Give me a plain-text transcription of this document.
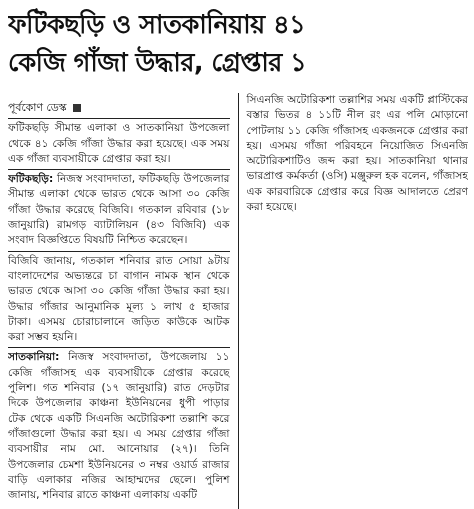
ফটিকছড়ি ও সাতকানিয়ায় ৪১
কেজি গাঁজা উদ্ধার, গ্রেপ্তার ১
পূর্বকোণ ডেস্ক

ফটিকছড়ি সীমান্ত এলাকা ও সাতকানিয়া উপজেলা থেকে ৪১ কেজি গাঁজা উদ্ধার করা হয়েছে। এক সময় এক গাঁজা ব্যবসায়ীকে গ্রেপ্তার করা হয়।

ফটিকছড়ি: নিজস্ব সংবাদদাতা, ফটিকছড়ি উপজেলার সীমান্ত এলাকা থেকে ভারত থেকে আসা ৩০ কেজি গাঁজা উদ্ধার করেছে বিজিবি। গতকাল রবিবার (১৮ জানুয়ারি) রামগড় ব্যাটালিয়ন (৪৩ বিজিবি) এক সংবাদ বিজ্ঞপ্তিতে বিষয়টি নিশ্চিত করেছেন।

বিজিবি জানায়, গতকাল শনিবার রাত সোয়া ৯টায় বাংলাদেশের অভ্যন্তরে চা বাগান নামক স্থান থেকে ভারত থেকে আসা ৩০ কেজি গাঁজা উদ্ধার করা হয়। উদ্ধার গাঁজার আনুমানিক মূল্য ১ লাখ ৫ হাজার টাকা। এসময় চোরাচালানে জড়িত কাউকে আটক করা সম্ভব হয়নি।

সাতকানিয়া: নিজস্ব সংবাদদাতা, উপজেলায় ১১ কেজি গাঁজাসহ এক ব্যবসায়ীকে গ্রেপ্তার করেছে পুলিশ। গত শনিবার (১৭ জানুয়ারি) রাত দেড়টার দিকে উপজেলার কাঞ্চনা ইউনিয়নের ধুপী পাড়ার টেক থেকে একটি সিএনজি অটোরিকশা তল্লাশি করে গাঁজাগুলো উদ্ধার করা হয়। এ সময় গ্রেপ্তার গাঁজা ব্যবসায়ীর নাম মো. আনোয়ার (২৭)। তিনি উপজেলার চেমশা ইউনিয়নের ৩ নম্বর ওয়ার্ড রাজার বাড়ি এলাকার নজির আহাম্মদের ছেলে। পুলিশ জানায়, শনিবার রাতে কাঞ্চনা এলাকায় একটি

সিএনজি অটোরিকশা তল্লাশির সময় একটি প্লাস্টিকের বস্তার ভিতর ৪ ১১টি নীল রং এর পলি মোড়ানো পোটলায় ১১ কেজি গাঁজাসহ একজনকে গ্রেপ্তার করা হয়। এসময় গাঁজা পরিবহনে নিয়োজিত সিএনজি অটোরিকশাটিও জব্দ করা হয়। সাতকানিয়া থানার ভারপ্রাপ্ত কর্মকর্তা (ওসি) মঞ্জুরুল হক বলেন, গাঁজাসহ এক কারবারিকে গ্রেপ্তার করে বিজ্ঞ আদালতে প্রেরণ করা হয়েছে।
